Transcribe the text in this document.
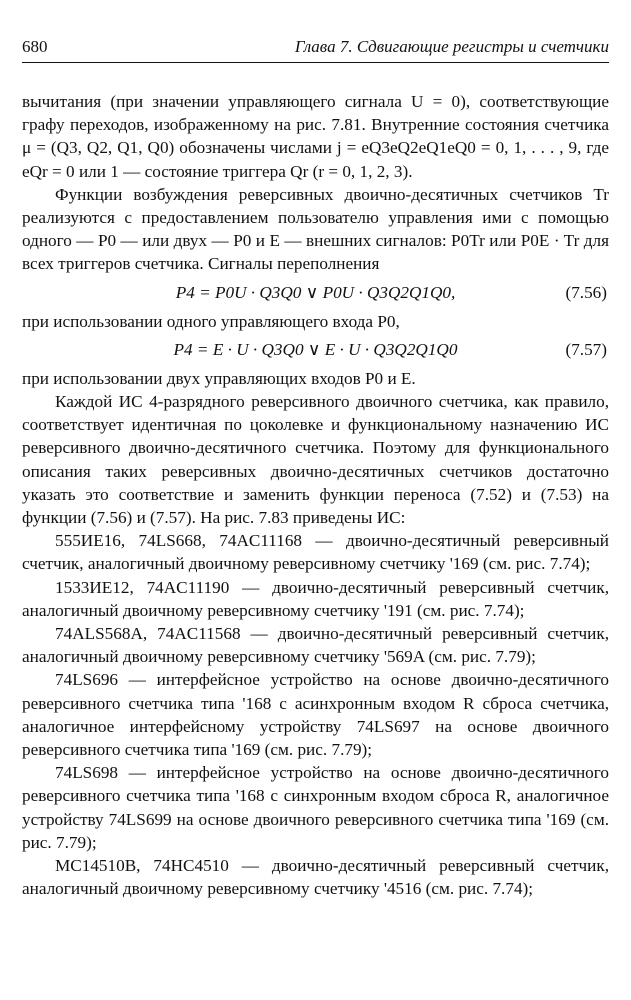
680	Глава 7. Сдвигающие регистры и счетчики

вычитания (при значении управляющего сигнала U = 0), соответствующие графу переходов, изображенному на рис. 7.81. Внутренние состояния счетчика μ = (Q3, Q2, Q1, Q0) обозначены числами j = eQ3eQ2eQ1eQ0 = 0, 1, . . . , 9, где eQr = 0 или 1 — состояние триггера Qr (r = 0, 1, 2, 3).

Функции возбуждения реверсивных двоично-десятичных счетчиков Tr реализуются с предоставлением пользователю управления ими с помощью одного — P0 — или двух — P0 и E — внешних сигналов: P0Tr или P0E · Tr для всех триггеров счетчика. Сигналы переполнения

P4 = P0U · Q3Q0 ∨ P0U · Q3Q2Q1Q0,	(7.56)

при использовании одного управляющего входа P0,

P4 = E · U · Q3Q0 ∨ E · U · Q3Q2Q1Q0	(7.57)

при использовании двух управляющих входов P0 и E.

Каждой ИС 4-разрядного реверсивного двоичного счетчика, как правило, соответствует идентичная по цоколевке и функциональному назначению ИС реверсивного двоично-десятичного счетчика. Поэтому для функционального описания таких реверсивных двоично-десятичных счетчиков достаточно указать это соответствие и заменить функции переноса (7.52) и (7.53) на функции (7.56) и (7.57). На рис. 7.83 приведены ИС:

555ИЕ16, 74LS668, 74AC11168 — двоично-десятичный реверсивный счетчик, аналогичный двоичному реверсивному счетчику '169 (см. рис. 7.74);

1533ИЕ12, 74AC11190 — двоично-десятичный реверсивный счетчик, аналогичный двоичному реверсивному счетчику '191 (см. рис. 7.74);

74ALS568A, 74AC11568 — двоично-десятичный реверсивный счетчик, аналогичный двоичному реверсивному счетчику '569A (см. рис. 7.79);

74LS696 — интерфейсное устройство на основе двоично-десятичного реверсивного счетчика типа '168 с асинхронным входом R сброса счетчика, аналогичное интерфейсному устройству 74LS697 на основе двоичного реверсивного счетчика типа '169 (см. рис. 7.79);

74LS698 — интерфейсное устройство на основе двоично-десятичного реверсивного счетчика типа '168 с синхронным входом сброса R, аналогичное устройству 74LS699 на основе двоичного реверсивного счетчика типа '169 (см. рис. 7.79);

MC14510B, 74HC4510 — двоично-десятичный реверсивный счетчик, аналогичный двоичному реверсивному счетчику '4516 (см. рис. 7.74);
